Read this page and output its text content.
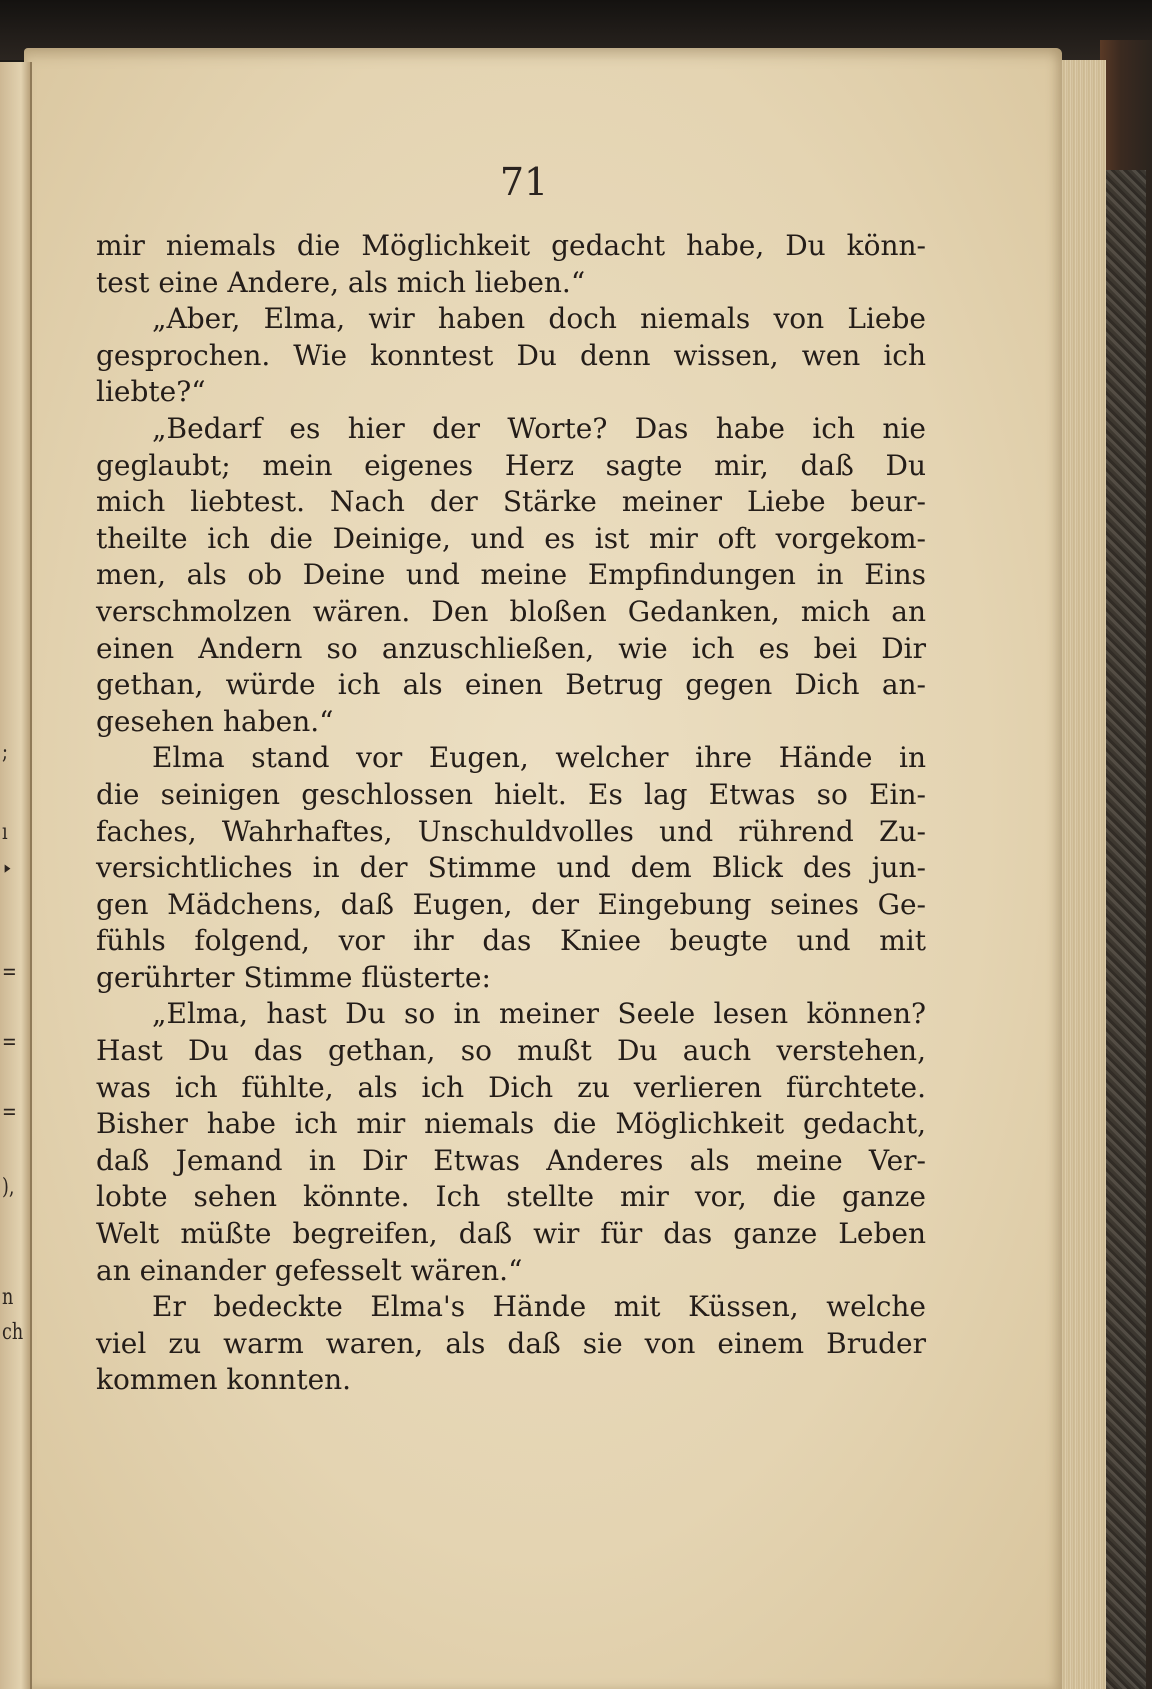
71
mir niemals die Möglichkeit gedacht habe, Du könn-
test eine Andere, als mich lieben.“
„Aber, Elma, wir haben doch niemals von Liebe
gesprochen. Wie konntest Du denn wissen, wen ich
liebte?“
„Bedarf es hier der Worte? Das habe ich nie
geglaubt; mein eigenes Herz sagte mir, daß Du
mich liebtest. Nach der Stärke meiner Liebe beur-
theilte ich die Deinige, und es ist mir oft vorgekom-
men, als ob Deine und meine Empfindungen in Eins
verschmolzen wären. Den bloßen Gedanken, mich an
einen Andern so anzuschließen, wie ich es bei Dir
gethan, würde ich als einen Betrug gegen Dich an-
gesehen haben.“
Elma stand vor Eugen, welcher ihre Hände in
die seinigen geschlossen hielt. Es lag Etwas so Ein-
faches, Wahrhaftes, Unschuldvolles und rührend Zu-
versichtliches in der Stimme und dem Blick des jun-
gen Mädchens, daß Eugen, der Eingebung seines Ge-
fühls folgend, vor ihr das Kniee beugte und mit
gerührter Stimme flüsterte:
„Elma, hast Du so in meiner Seele lesen können?
Hast Du das gethan, so mußt Du auch verstehen,
was ich fühlte, als ich Dich zu verlieren fürchtete.
Bisher habe ich mir niemals die Möglichkeit gedacht,
daß Jemand in Dir Etwas Anderes als meine Ver-
lobte sehen könnte. Ich stellte mir vor, die ganze
Welt müßte begreifen, daß wir für das ganze Leben
an einander gefesselt wären.“
Er bedeckte Elma's Hände mit Küssen, welche
viel zu warm waren, als daß sie von einem Bruder
kommen konnten.
;
ı
‣
=
=
=
),
n
ch
